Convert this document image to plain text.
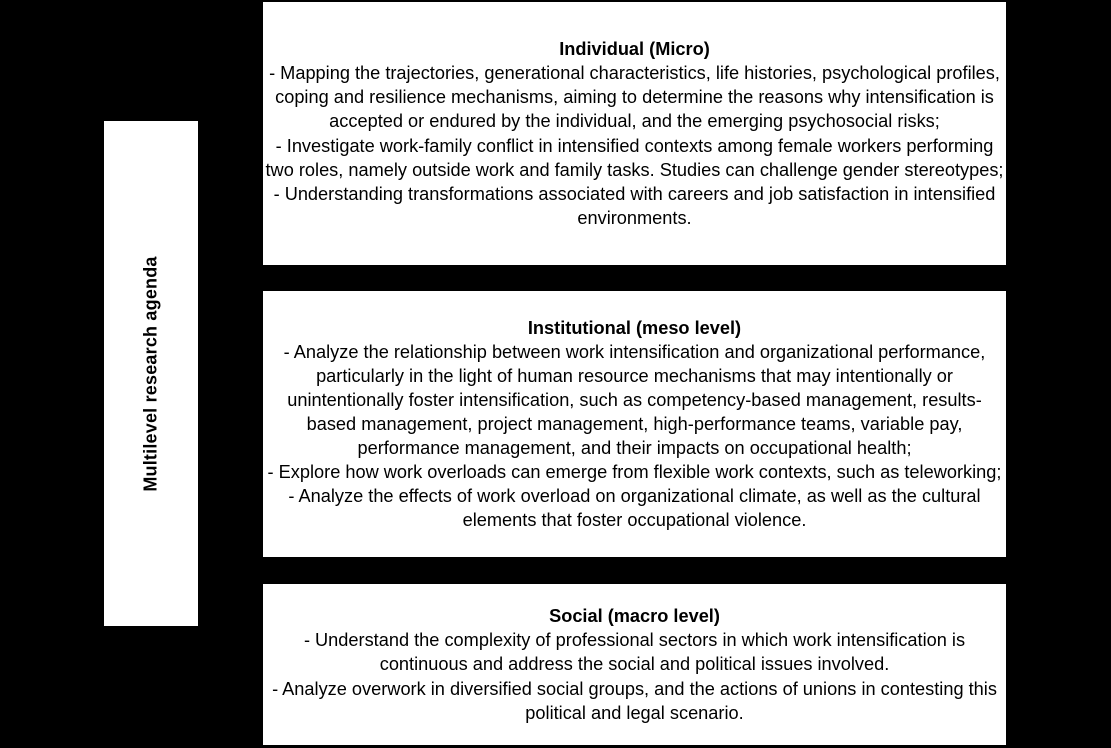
Multilevel research agenda
Individual (Micro)

- Mapping the trajectories, generational characteristics, life histories, psychological profiles, coping and resilience mechanisms, aiming to determine the reasons why intensification is accepted or endured by the individual, and the emerging psychosocial risks;

- Investigate work-family conflict in intensified contexts among female workers performing two roles, namely outside work and family tasks. Studies can challenge gender stereotypes;

- Understanding transformations associated with careers and job satisfaction in intensified environments.

Institutional (meso level)

- Analyze the relationship between work intensification and organizational performance, particularly in the light of human resource mechanisms that may intentionally or unintentionally foster intensification, such as competency-based management, results-based management, project management, high-performance teams, variable pay, performance management, and their impacts on occupational health;

- Explore how work overloads can emerge from flexible work contexts, such as teleworking;

- Analyze the effects of work overload on organizational climate, as well as the cultural elements that foster occupational violence.

Social (macro level)

- Understand the complexity of professional sectors in which work intensification is continuous and address the social and political issues involved.

- Analyze overwork in diversified social groups, and the actions of unions in contesting this political and legal scenario.
